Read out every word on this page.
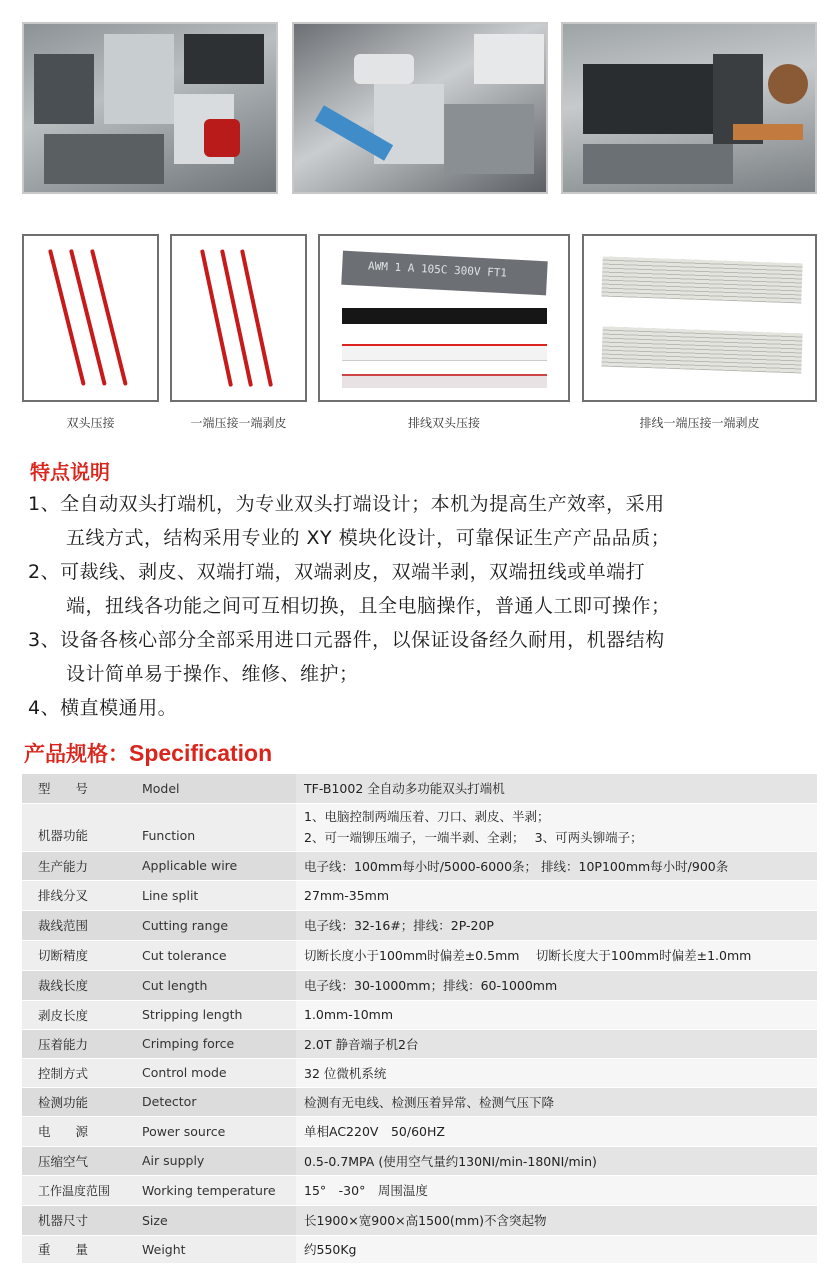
AWM 1 A 105C 300V FT1
双头压接	一端压接一端剥皮	排线双头压接	排线一端压接一端剥皮
特点说明
1、全自动双头打端机，为专业双头打端设计；本机为提高生产效率，采用
五线方式，结构采用专业的 XY 模块化设计，可靠保证生产产品品质；
2、可裁线、剥皮、双端打端，双端剥皮，双端半剥，双端扭线或单端打
端，扭线各功能之间可互相切换，且全电脑操作，普通人工即可操作；
3、设备各核心部分全部采用进口元器件，以保证设备经久耐用，机器结构
设计简单易于操作、维修、维护；
4、横直模通用。
产品规格：Specification
型　　号	Model	TF-B1002 全自动多功能双头打端机
机器功能	Function	1、电脑控制两端压着、刀口、剥皮、半剥；
2、可一端铆压端子，一端半剥、全剥；　 3、可两头铆端子；

生产能力	Applicable wire	电子线：100mm每小时/5000-6000条； 排线：10P100mm每小时/900条
排线分叉	Line split	27mm-35mm
裁线范围	Cutting range	电子线：32-16#；排线：2P-20P
切断精度	Cut tolerance	切断长度小于100mm时偏差±0.5mm　 切断长度大于100mm时偏差±1.0mm
裁线长度	Cut length	电子线：30-1000mm；排线：60-1000mm
剥皮长度	Stripping length	1.0mm-10mm
压着能力	Crimping force	2.0T 静音端子机2台
控制方式	Control mode	32 位微机系统
检测功能	Detector	检测有无电线、检测压着异常、检测气压下降
电　　源	Power source	单相AC220V　50/60HZ
压缩空气	Air supply	0.5-0.7MPA (使用空气量约130NI/min-180NI/min)
工作温度范围	Working temperature	15°　-30°　周围温度
机器尺寸	Size	长1900×宽900×高1500(mm)不含突起物
重　　量	Weight	约550Kg
